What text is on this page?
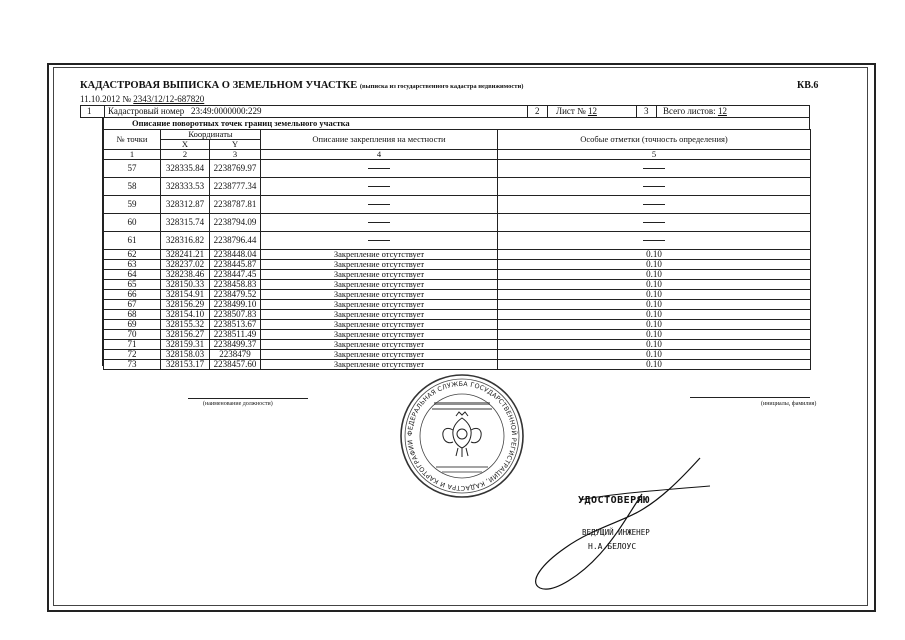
КАДАСТРОВАЯ ВЫПИСКА О ЗЕМЕЛЬНОМ УЧАСТКЕ (выписка из государственного кадастра недвижимости)	КВ.6
11.10.2012 № 2343/12/12-687820
1	Кадастровый номер 23:49:0000000:229	2	Лист № 12	3	Всего листов: 12
Описание поворотных точек границ земельного участка
№ точки	Координаты		Описание закрепления на местности	Особые отметки (точность определения)
	X	Y		
1	2	3	4	5
57	328335.84	2238769.97		
58	328333.53	2238777.34		
59	328312.87	2238787.81		
60	328315.74	2238794.09		
61	328316.82	2238796.44		
62	328241.21	2238448.04	Закрепление отсутствует	0.10
63	328237.02	2238445.87	Закрепление отсутствует	0.10
64	328238.46	2238447.45	Закрепление отсутствует	0.10
65	328150.33	2238458.83	Закрепление отсутствует	0.10
66	328154.91	2238479.52	Закрепление отсутствует	0.10
67	328156.29	2238499.10	Закрепление отсутствует	0.10
68	328154.10	2238507.83	Закрепление отсутствует	0.10
69	328155.32	2238513.67	Закрепление отсутствует	0.10
70	328156.27	2238511.49	Закрепление отсутствует	0.10
71	328159.31	2238499.37	Закрепление отсутствует	0.10
72	328158.03	2238479	Закрепление отсутствует	0.10
73	328153.17	2238457.60	Закрепление отсутствует	0.10
(наименование должности)	(инициалы, фамилия)
ФЕДЕРАЛЬНАЯ СЛУЖБА ГОСУДАРСТВЕННОЙ РЕГИСТРАЦИИ, КАДАСТРА И КАРТОГРАФИИ
УДОСТОВЕРЯЮ
ВЕДУЩИЙ ИНЖЕНЕР
Н.А.БЕЛОУС
